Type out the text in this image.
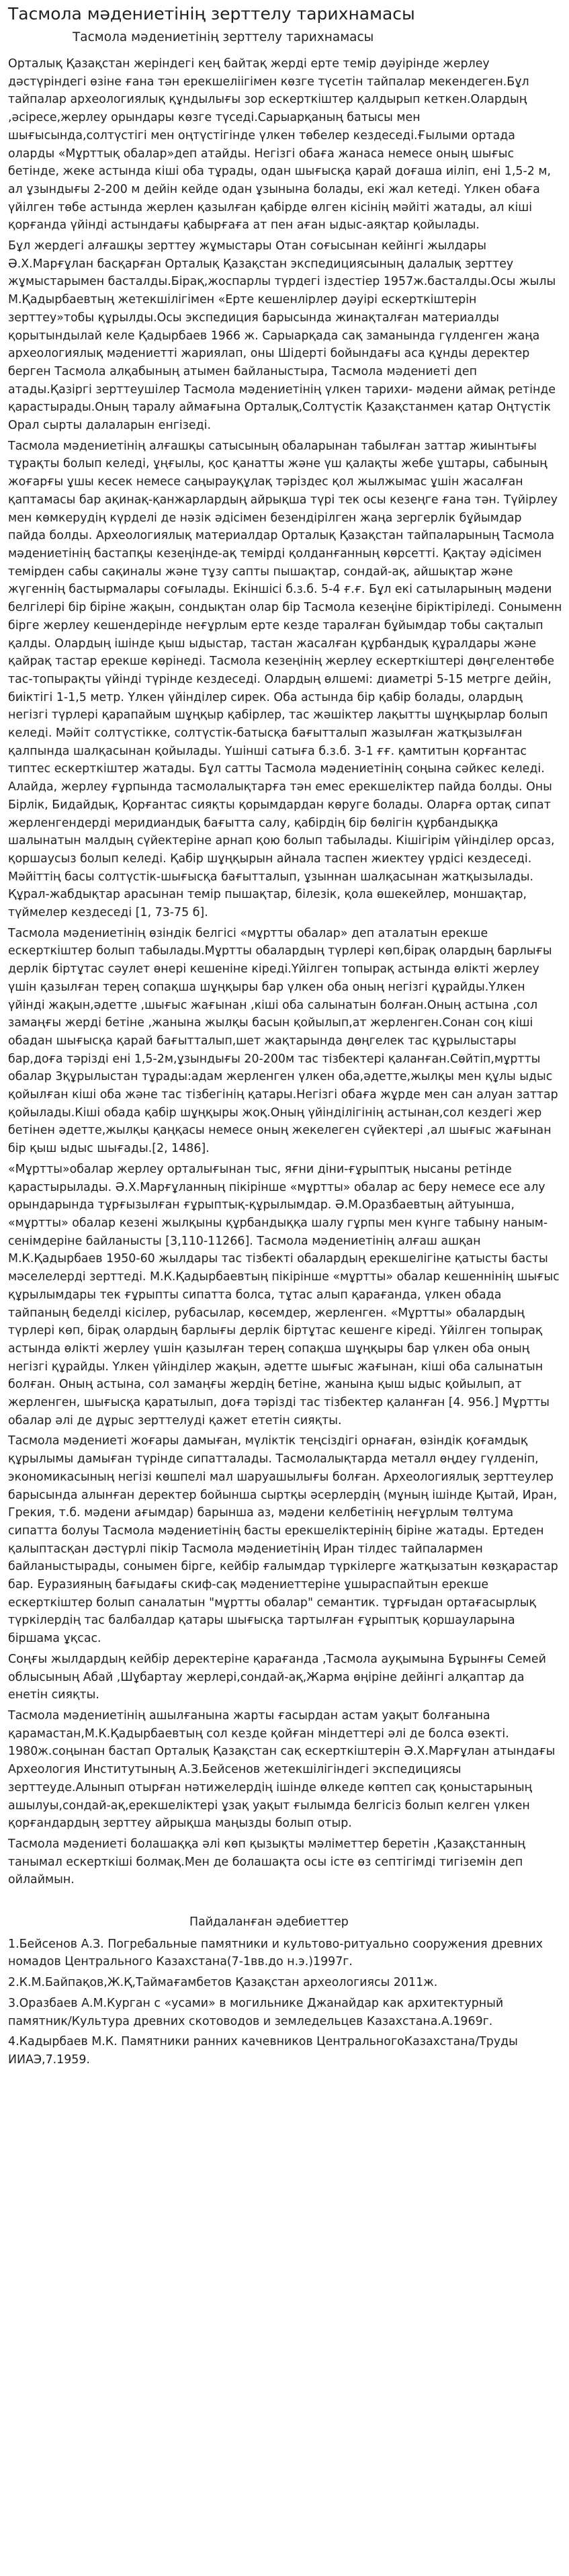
Тасмола мәдениетінің зерттелу тарихнамасы
Тасмола мәдениетінің зерттелу тарихнамасы

Орталық Қазақстан жеріндегі кең байтақ жерді ерте темір дәуірінде жерлеу дәстүріндегі өзіне ғана тән ерекшеліігімен көзге түсетін тайпалар мекендеген.Бұл тайпалар археологиялық құндылығы зор ескерткіштер қалдырып кеткен.Олардың ,әсіресе,жерлеу орындары көзге түседі.Сарыарқаның батысы мен шығысында,солтүстігі мен оңтүстігінде үлкен төбелер кездеседі.Ғылыми ортада оларды «Мұрттық обалар»деп атайды. Негізгі обаға жанаса немесе оның шығыс бетінде, жеке астында кіші оба тұрады, одан шығысқа қарай доғаша иіліп, ені 1,5-2 м, ал ұзындығы 2-200 м дейін кейде одан ұзынына болады, екі жал кетеді. Үлкен обаға үйілген төбе астында жерлен қазылған қабірде өлген кісінің мәйіті жатады, ал кіші қорғанда үйінді астындағы қабырғаға ат пен аған ыдыс-аяқтар қойылады.

Бұл жердегі алғашқы зерттеу жұмыстары Отан соғысынан кейінгі жылдары Ә.Х.Марғұлан басқарған Орталық Қазақстан экспедициясының далалық зерттеу жұмыстарымен басталды.Бірақ,жоспарлы түрдегі іздестіер 1957ж.басталды.Осы жылы М.Қадырбаевтың жетекшілігімен «Ерте кешенлірлер дәуірі ескерткіштерін зерттеу»тобы құрылды.Осы экспедиция барысында жинақталған материалды қорытындылай келе Қадырбаев 1966 ж. Сарыарқада сақ заманында гүлденген жаңа археологиялық мәдениетті жариялап, оны Шідерті бойындағы аса құнды деректер берген Тасмола алқабының атымен байланыстыра, Тасмола мәдениеті деп атады.Қазіргі зерттеушілер Тасмола мәдениетінің үлкен тарихи- мәдени аймақ ретінде қарастырады.Оның таралу аймағына Орталық,Солтүстік Қазақстанмен қатар Оңтүстік Орал сырты далаларын енгізеді.

Тасмола мәдениетінің алғашқы сатысының обаларынан табылған заттар жиынтығы тұрақты болып келеді, ұңғылы, қос қанатты және үш қалақты жебе ұштары, сабының жоғарғы ұшы кесек немесе саңырауқұлақ тәріздес қол жылжымас ұшін жасалған қаптамасы бар ақинақ-қанжарлардың айрықша түрі тек осы кезеңге ғана тән. Түйірлеу мен көмкерудің күрделі де нәзік әдісімен безендірілген жаңа зергерлік бұйымдар пайда болды. Археологиялық материалдар Орталық Қазақстан тайпаларының Тасмола мәдениетінің бастапқы кезеңінде-ақ темірді қолданғанның көрсетті. Қақтау әдісімен темірден сабы сақиналы және тұзу сапты пышақтар, сондай-ақ, айшықтар және жүгеннің бастырмалары соғылады. Екіншісі б.з.б. 5-4 ғ.ғ. Бұл екі сатыларының мәдени белгілері бір біріне жақын, сондықтан олар бір Тасмола кезеңіне біріктіріледі. Соныменн бірге жерлеу кешендерінде неғұрлым ерте кезде таралған бұйымдар тобы сақталып қалды. Олардың ішінде қыш ыдыстар, тастан жасалған құрбандық құралдары және қайрақ тастар ерекше көрінеді. Тасмола кезеңінің жерлеу ескерткіштері дөңгелентөбе тас-топырақты үйінді түрінде кездеседі. Олардың өлшемі: диаметрі 5-15 метрге дейін, биіктігі 1-1,5 метр. Үлкен үйінділер сирек. Оба астында бір қабір болады, олардың негізгі түрлері қарапайым шұңқыр қабірлер, тас жәшіктер лақытты шұңқырлар болып келеді. Мәйіт солтүстікке, солтүстік-батысқа бағытталып жазылған жатқызылған қалпында шалқасынан қойылады. Үшінші сатыға б.з.б. 3-1 ғғ. қамтитын қорғантас типтес ескерткіштер жатады. Бұл сатты Тасмола мәдениетінің соңына сәйкес келеді. Алайда, жерлеу ғұрпында тасмолалықтарға тән емес ерекшеліктер пайда болды. Оны Бірлік, Бидайдық, Қорғантас сияқты қорымдардан көруге болады. Оларға ортақ сипат жерленгендерді меридиандық бағытта салу, қабірдің бір бөлігін құрбандыққа шалынатын малдың сүйектеріне арнап қою болып табылады. Кішігірім үйінділер орсаз, қоршаусыз болып келеді. Қабір шұңқырын айнала таспен жиектеу үрдісі кездеседі. Мәйіттің басы солтүстік-шығысқа бағытталып, ұзыннан шалқасынан жатқызылады. Құрал-жабдықтар арасынан темір пышақтар, білезік, қола өшекейлер, моншақтар, түймелер кездеседі [1, 73-75 б].

Тасмола мәдениетінің өзіндік белгісі «мұртты обалар» деп аталатын ерекше ескерткіштер болып табылады.Мұртты обалардың түрлері көп,бірақ олардың барлығы дерлік біртұтас сәулет өнері кешеніне кіреді.Үйілген топырақ астында өлікті жерлеу үшін қазылған терең сопақша шұңқыры бар үлкен оба оның негізгі құрайды.Үлкен үйінді жақын,әдетте ,шығыс жағынан ,кіші оба салынатын болған.Оның астына ,сол замаңғы жерді бетіне ,жанына жылқы басын қойылып,ат жерленген.Сонан соң кіші обадан шығысқа қарай бағытталып,шет жақтарында дөңгелек тас құрылыстары бар,доға тәрізді ені 1,5-2м,ұзындығы 20-200м тас тізбектері қаланған.Сөйтіп,мұртты обалар 3құрылыстан тұрады:адам жерленген үлкен оба,әдетте,жылқы мен құлы ыдыс қойылған кіші оба және тас тізбегінің қатары.Негізгі обаға жұрде мен сан алуан заттар қойылады.Кіші обада қабір шұңқыры жоқ.Оның үйінділігінің астынан,сол кездегі жер бетінен әдетте,жылқы қаңқасы немесе оның жекелеген сүйектері ,ал шығыс жағынан бір қыш ыдыс шығады.[2, 1486].

«Мұртты»обалар жерлеу орталығынан тыс, яғни діни-ғұрыптық нысаны ретінде қарастырылады. Ә.Х.Марғұланның пікірінше «мұртты» обалар ас беру немесе есе алу орындарында тұрғызылған ғұрыптық-құрылымдар. Ә.М.Оразбаевтың айтуынша, «мұртты» обалар кезені жылқыны құрбандыққа шалу гұрпы мен күнге табыну наным-сенімдеріне байланысты [3,110-11266]. Тасмола мәдениетінің алғаш ашқан М.К.Қадырбаев 1950-60 жылдары тас тізбекті обалардың ерекшелігіне қатысты басты мәселелерді зерттеді. М.К.Қадырбаевтың пікірінше «мұртты» обалар кешеннінің шығыс құрылымдары тек ғұрыпты сипатта болса, тұтас алып қарағанда, үлкен обада тайпаның беделді кісілер, рубасылар, көсемдер, жерленген. «Мұртты» обалардың түрлері көп, бірақ олардың барлығы дерлік біртұтас кешенге кіреді. Үйілген топырақ астында өлікті жерлеу үшін қазылған терең сопақша шұңқыры бар үлкен оба оның негізгі құрайды. Үлкен үйінділер жақын, әдетте шығыс жағынан, кіші оба салынатын болған. Оның астына, сол замаңғы жердің бетіне, жанына қыш ыдыс қойылып, ат жерленген, шығысқа қаратылып, доға тәрізді тас тізбектер қаланған [4. 956.] Мұртты обалар әлі де дұрыс зерттелуді қажет ететін сияқты.

Тасмола мәдениеті жоғары дамыған, мүліктік теңсіздігі орнаған, өзіндік қоғамдық құрылымы дамыған түрінде сипатталады. Тасмолалықтарда металл өңдеу гүлденіп, экономикасының негізі көшпелі мал шаруашылығы болған. Археологиялық зерттеулер барысында алынған деректер бойынша сыртқы әсерлердің (мұның ішінде Қытай, Иран, Грекия, т.б. мәдени ағымдар) барынша аз, мәдени келбетінің неғұрлым төлтума сипатта болуы Тасмола мәдениетінің басты ерекшеліктерінің біріне жатады. Ертеден қалыптасқан дәстүрлі пікір Тасмола мәдениетінің Иран тілдес тайпалармен байланыстырады, сонымен бірге, кейбір ғалымдар түркілерге жатқызатын көзқарастар бар. Еуразияның бағыдағы скиф-сақ мәдениеттеріне ұшыраспайтын ерекше ескерткіштер болып саналатын "мұртты обалар" семантик. тұрғыдан ортағасырлық түркілердің тас балбалдар қатары шығысқа тартылған ғұрыптық қоршауларына біршама ұқсас.

Соңғы жылдардың кейбір деректеріне қарағанда ,Тасмола ауқымына Бұрынғы Семей облысының Абай ,Шұбартау жерлері,сондай-ақ,Жарма өңіріне дейінгі алқаптар да енетін сияқты.

Тасмола мәдениетінің ашылғанына жарты ғасырдан астам уақыт болғанына қарамастан,М.К.Қадырбаевтың сол кезде қойған міндеттері әлі де болса өзекті. 1980ж.соңынан бастап Орталық Қазақстан сақ ескерткіштерін Ә.Х.Марғұлан атындағы Археология Институтының А.З.Бейсенов жетекшілігіндегі экспедициясы зерттеуде.Алынып отырған нәтижелердің ішінде өлкеде көптеп сақ қоныстарының ашылуы,сондай-ақ,ерекшеліктері ұзақ уақыт ғылымда белгісіз болып келген үлкен қорғандардың зерттеу айрықша маңызды болып отыр.

Тасмола мәдениеті болашаққа әлі көп қызықты мәліметтер беретін ,Қазақстанның танымал ескерткіші болмақ.Мен де болашақта осы істе өз септігімді тигіземін деп ойлаймын.

Пайдаланған әдебиеттер

1.Бейсенов А.З. Погребальные памятники и культово-ритуально сооружения древних номадов Центрального Казахстана(7-1вв.до н.э.)1997г.

2.К.М.Байпақов,Ж.Қ,Таймағамбетов Қазақстан археологиясы 2011ж.

3.Оразбаев А.М.Курган с «усами» в могильнике Джанайдар как архитектурный памятник/Культура древних скотоводов и земледельцев Казахстана.А.1969г.

4.Кадырбаев М.К. Памятники ранних качевников ЦентральногоКазахстана/Труды ИИАЭ,7.1959.
